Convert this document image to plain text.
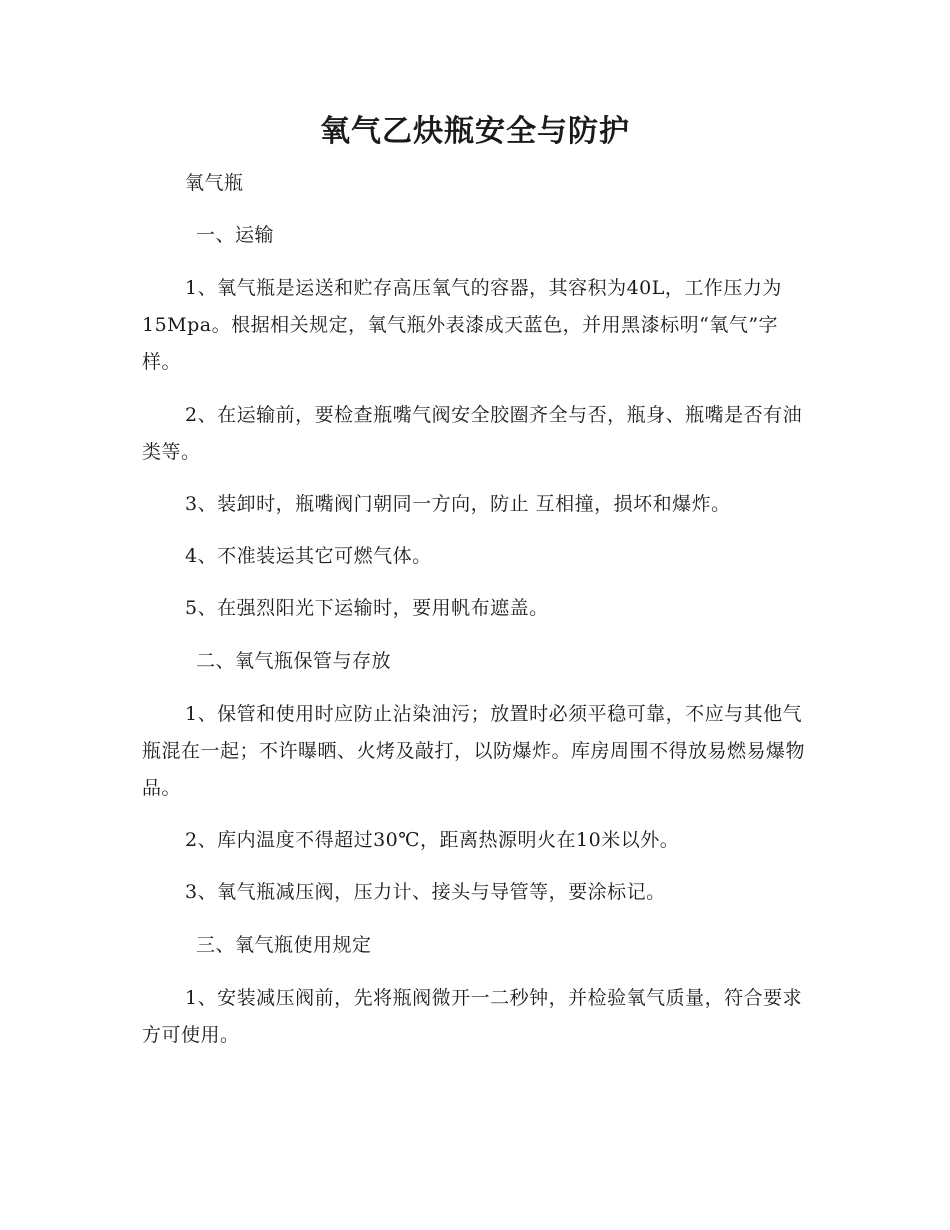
氧气乙炔瓶安全与防护

氧气瓶

一、运输

1、氧气瓶是运送和贮存高压氧气的容器，其容积为40L，工作压力为15Mpa。根据相关规定，氧气瓶外表漆成天蓝色，并用黑漆标明“氧气”字样。

2、在运输前，要检查瓶嘴气阀安全胶圈齐全与否，瓶身、瓶嘴是否有油类等。

3、装卸时，瓶嘴阀门朝同一方向，防止 互相撞，损坏和爆炸。

4、不准装运其它可燃气体。

5、在强烈阳光下运输时，要用帆布遮盖。

二、氧气瓶保管与存放

1、保管和使用时应防止沾染油污；放置时必须平稳可靠，不应与其他气瓶混在一起；不许曝晒、火烤及敲打，以防爆炸。库房周围不得放易燃易爆物品。

2、库内温度不得超过30℃，距离热源明火在10米以外。

3、氧气瓶减压阀，压力计、接头与导管等，要涂标记。

三、氧气瓶使用规定

1、安装减压阀前，先将瓶阀微开一二秒钟，并检验氧气质量，符合要求方可使用。
